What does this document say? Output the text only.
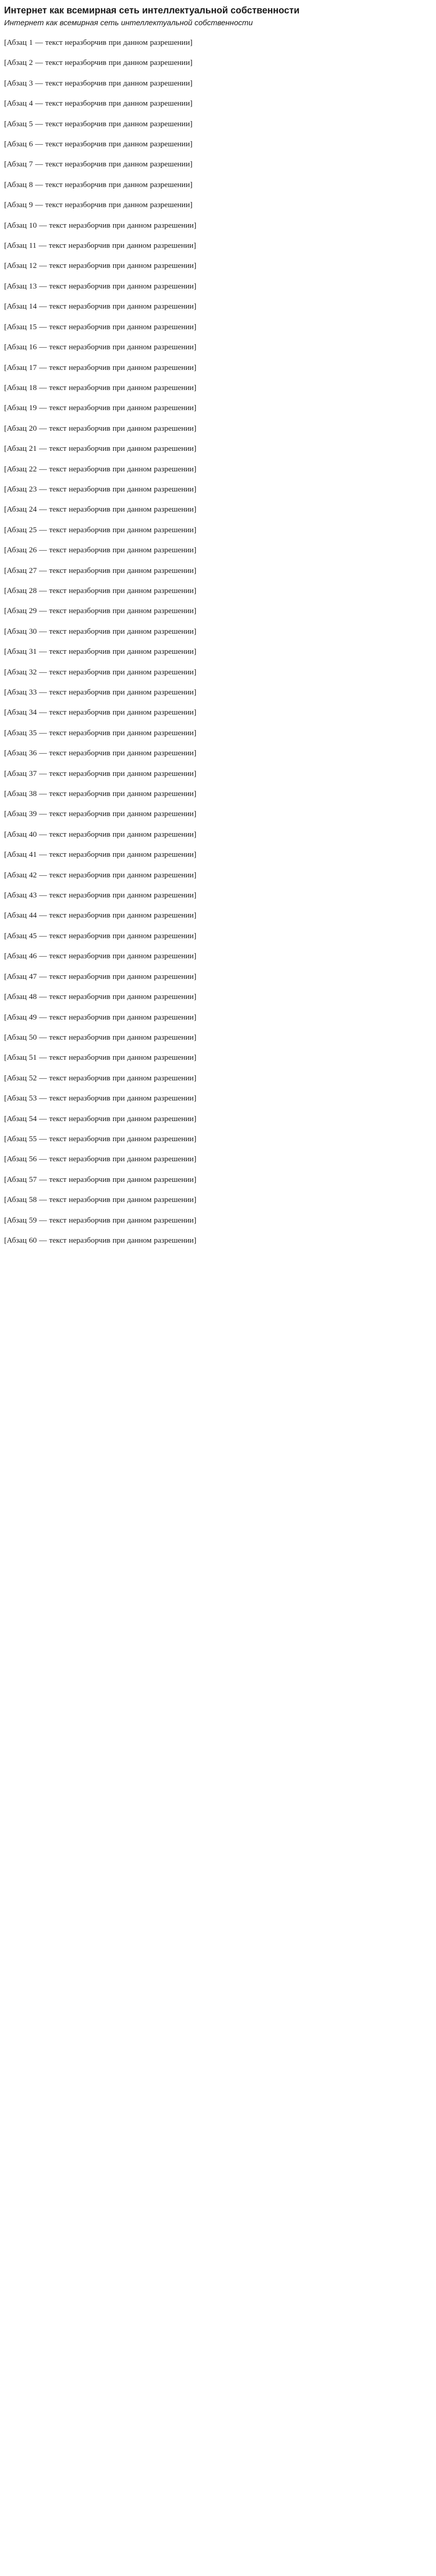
Интернет как всемирная сеть интеллектуальной собственности
Интернет как всемирная сеть интеллектуальной собственности

[Абзац 1 — текст неразборчив при данном разрешении]

[Абзац 2 — текст неразборчив при данном разрешении]

[Абзац 3 — текст неразборчив при данном разрешении]

[Абзац 4 — текст неразборчив при данном разрешении]

[Абзац 5 — текст неразборчив при данном разрешении]

[Абзац 6 — текст неразборчив при данном разрешении]

[Абзац 7 — текст неразборчив при данном разрешении]

[Абзац 8 — текст неразборчив при данном разрешении]

[Абзац 9 — текст неразборчив при данном разрешении]

[Абзац 10 — текст неразборчив при данном разрешении]

[Абзац 11 — текст неразборчив при данном разрешении]

[Абзац 12 — текст неразборчив при данном разрешении]

[Абзац 13 — текст неразборчив при данном разрешении]

[Абзац 14 — текст неразборчив при данном разрешении]

[Абзац 15 — текст неразборчив при данном разрешении]

[Абзац 16 — текст неразборчив при данном разрешении]

[Абзац 17 — текст неразборчив при данном разрешении]

[Абзац 18 — текст неразборчив при данном разрешении]

[Абзац 19 — текст неразборчив при данном разрешении]

[Абзац 20 — текст неразборчив при данном разрешении]

[Абзац 21 — текст неразборчив при данном разрешении]

[Абзац 22 — текст неразборчив при данном разрешении]

[Абзац 23 — текст неразборчив при данном разрешении]

[Абзац 24 — текст неразборчив при данном разрешении]

[Абзац 25 — текст неразборчив при данном разрешении]

[Абзац 26 — текст неразборчив при данном разрешении]

[Абзац 27 — текст неразборчив при данном разрешении]

[Абзац 28 — текст неразборчив при данном разрешении]

[Абзац 29 — текст неразборчив при данном разрешении]

[Абзац 30 — текст неразборчив при данном разрешении]

[Абзац 31 — текст неразборчив при данном разрешении]

[Абзац 32 — текст неразборчив при данном разрешении]

[Абзац 33 — текст неразборчив при данном разрешении]

[Абзац 34 — текст неразборчив при данном разрешении]

[Абзац 35 — текст неразборчив при данном разрешении]

[Абзац 36 — текст неразборчив при данном разрешении]

[Абзац 37 — текст неразборчив при данном разрешении]

[Абзац 38 — текст неразборчив при данном разрешении]

[Абзац 39 — текст неразборчив при данном разрешении]

[Абзац 40 — текст неразборчив при данном разрешении]

[Абзац 41 — текст неразборчив при данном разрешении]

[Абзац 42 — текст неразборчив при данном разрешении]

[Абзац 43 — текст неразборчив при данном разрешении]

[Абзац 44 — текст неразборчив при данном разрешении]

[Абзац 45 — текст неразборчив при данном разрешении]

[Абзац 46 — текст неразборчив при данном разрешении]

[Абзац 47 — текст неразборчив при данном разрешении]

[Абзац 48 — текст неразборчив при данном разрешении]

[Абзац 49 — текст неразборчив при данном разрешении]

[Абзац 50 — текст неразборчив при данном разрешении]

[Абзац 51 — текст неразборчив при данном разрешении]

[Абзац 52 — текст неразборчив при данном разрешении]

[Абзац 53 — текст неразборчив при данном разрешении]

[Абзац 54 — текст неразборчив при данном разрешении]

[Абзац 55 — текст неразборчив при данном разрешении]

[Абзац 56 — текст неразборчив при данном разрешении]

[Абзац 57 — текст неразборчив при данном разрешении]

[Абзац 58 — текст неразборчив при данном разрешении]

[Абзац 59 — текст неразборчив при данном разрешении]

[Абзац 60 — текст неразборчив при данном разрешении]
